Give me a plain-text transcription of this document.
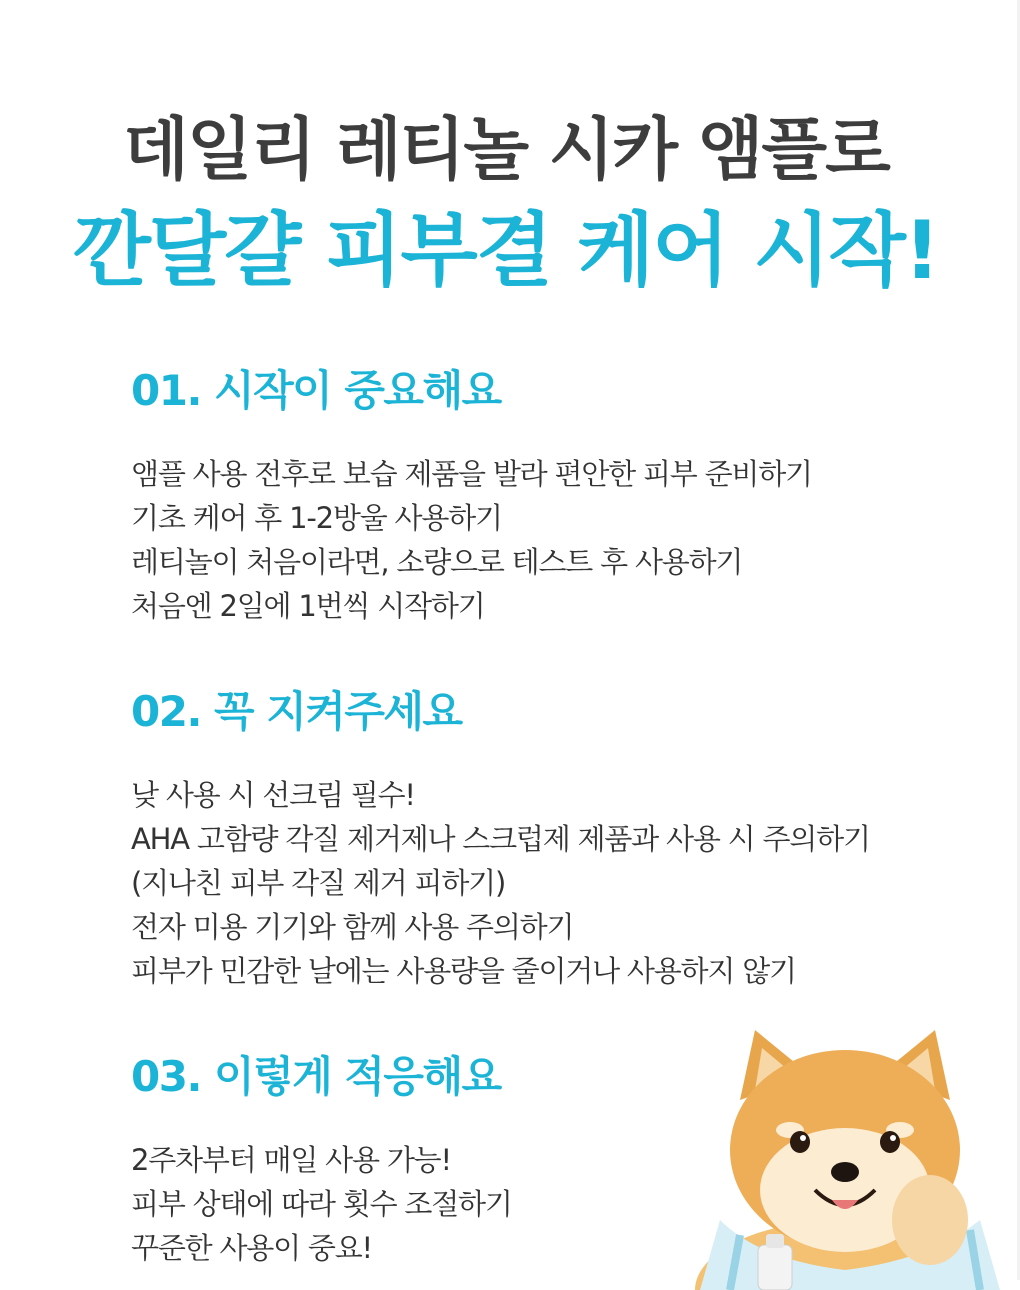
데일리 레티놀 시카 앰플로
깐달걀 피부결 케어 시작!
01. 시작이 중요해요
앰플 사용 전후로 보습 제품을 발라 편안한 피부 준비하기
기초 케어 후 1-2방울 사용하기
레티놀이 처음이라면, 소량으로 테스트 후 사용하기
처음엔 2일에 1번씩 시작하기
02. 꼭 지켜주세요
낮 사용 시 선크림 필수!
AHA 고함량 각질 제거제나 스크럽제 제품과 사용 시 주의하기
(지나친 피부 각질 제거 피하기)
전자 미용 기기와 함께 사용 주의하기
피부가 민감한 날에는 사용량을 줄이거나 사용하지 않기
03. 이렇게 적응해요
2주차부터 매일 사용 가능!
피부 상태에 따라 횟수 조절하기
꾸준한 사용이 중요!
